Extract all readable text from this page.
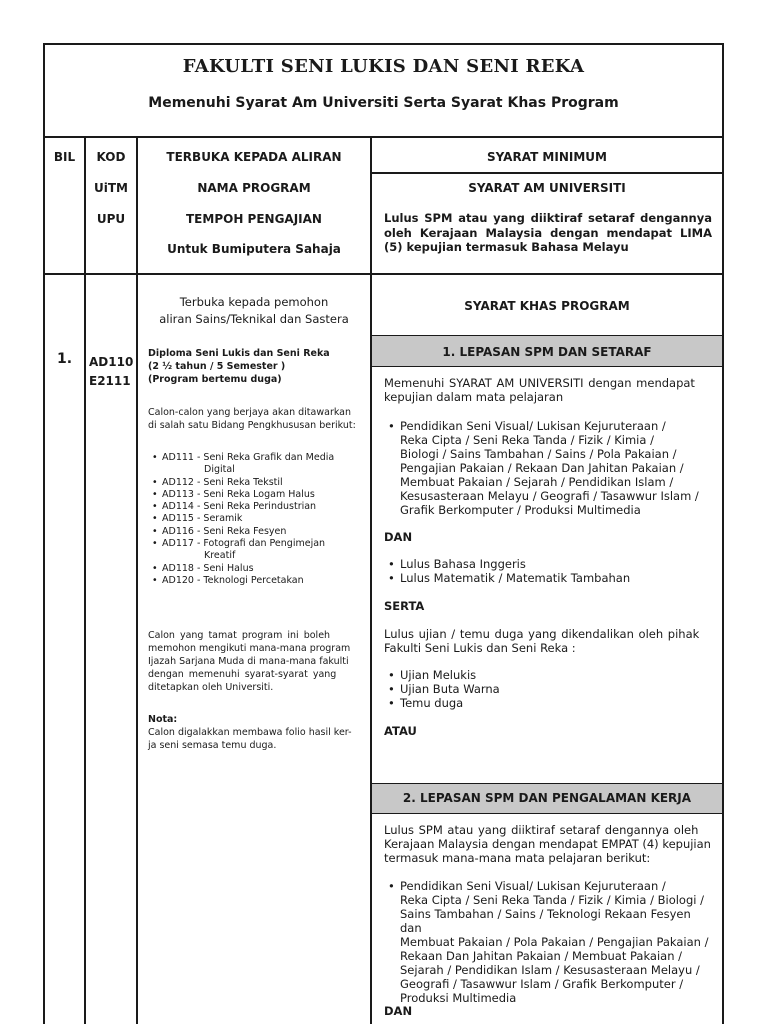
FAKULTI SENI LUKIS DAN SENI REKA
Memenuhi Syarat Am Universiti Serta Syarat Khas Program
BIL	KOD
UiTM
UPU
TERBUKA KEPADA ALIRAN
NAMA PROGRAM
TEMPOH PENGAJIAN
Untuk Bumiputera Sahaja
SYARAT MINIMUM
SYARAT AM UNIVERSITI
Lulus SPM atau yang diiktiraf setaraf dengannya oleh Kerajaan Malaysia dengan mendapat LIMA (5) kepujian termasuk Bahasa Melayu
1. AD110
E2111
Terbuka kepada pemohon
aliran Sains/Teknikal dan Sastera
Diploma Seni Lukis dan Seni Reka
(2 ½ tahun / 5 Semester )
(Program bertemu duga)
Calon-calon yang berjaya akan ditawarkan
di salah satu Bidang Pengkhususan berikut:
• AD111 - Seni Reka Grafik dan Media
Digital
• AD112 - Seni Reka Tekstil
• AD113 - Seni Reka Logam Halus
• AD114 - Seni Reka Perindustrian
• AD115 - Seramik
• AD116 - Seni Reka Fesyen
• AD117 - Fotografi dan Pengimejan
Kreatif
• AD118 - Seni Halus
• AD120 - Teknologi Percetakan
Calon yang tamat program ini boleh
memohon mengikuti mana-mana program
Ijazah Sarjana Muda di mana-mana fakulti
dengan memenuhi syarat-syarat yang
ditetapkan oleh Universiti.
Nota:
Calon digalakkan membawa folio hasil ker-
ja seni semasa temu duga.
SYARAT KHAS PROGRAM
1. LEPASAN SPM DAN SETARAF
Memenuhi SYARAT AM UNIVERSITI dengan mendapat
kepujian dalam mata pelajaran
• Pendidikan Seni Visual/ Lukisan Kejuruteraan /
Reka Cipta / Seni Reka Tanda / Fizik / Kimia /
Biologi / Sains Tambahan / Sains / Pola Pakaian /
Pengajian Pakaian / Rekaan Dan Jahitan Pakaian /
Membuat Pakaian / Sejarah / Pendidikan Islam /
Kesusasteraan Melayu / Geografi / Tasawwur Islam /
Grafik Berkomputer / Produksi Multimedia
DAN
• Lulus Bahasa Inggeris
• Lulus Matematik / Matematik Tambahan
SERTA
Lulus ujian / temu duga yang dikendalikan oleh pihak
Fakulti Seni Lukis dan Seni Reka :
• Ujian Melukis
• Ujian Buta Warna
• Temu duga
ATAU
2. LEPASAN SPM DAN PENGALAMAN KERJA
Lulus SPM atau yang diiktiraf setaraf dengannya oleh
Kerajaan Malaysia dengan mendapat EMPAT (4) kepujian
termasuk mana-mana mata pelajaran berikut:
• Pendidikan Seni Visual/ Lukisan Kejuruteraan /
Reka Cipta / Seni Reka Tanda / Fizik / Kimia / Biologi /
Sains Tambahan / Sains / Teknologi Rekaan Fesyen dan
Membuat Pakaian / Pola Pakaian / Pengajian Pakaian /
Rekaan Dan Jahitan Pakaian / Membuat Pakaian /
Sejarah / Pendidikan Islam / Kesusasteraan Melayu /
Geografi / Tasawwur Islam / Grafik Berkomputer /
Produksi Multimedia
DAN
